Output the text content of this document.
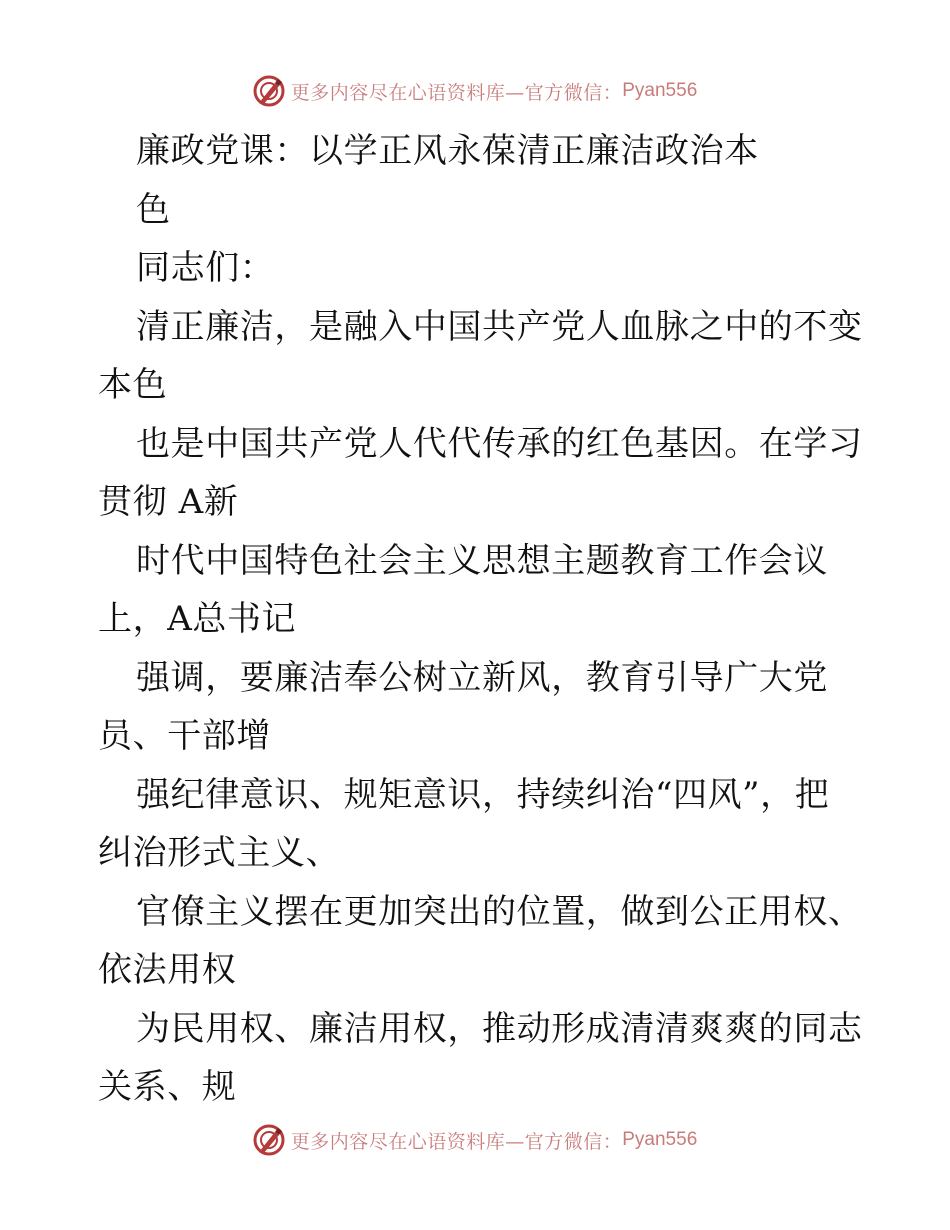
更多内容尽在心语资料库—官方微信： Pyan556
廉政党课：以学正风永葆清正廉洁政治本
色
同志们：
清正廉洁，是融入中国共产党人血脉之中的不变
本色
也是中国共产党人代代传承的红色基因。在学习
贯彻 A新
时代中国特色社会主义思想主题教育工作会议
上，A总书记
强调，要廉洁奉公树立新风，教育引导广大党
员、干部增
强纪律意识、规矩意识，持续纠治“四风”，把
纠治形式主义、
官僚主义摆在更加突出的位置，做到公正用权、
依法用权
为民用权、廉洁用权，推动形成清清爽爽的同志
关系、规
更多内容尽在心语资料库—官方微信： Pyan556
